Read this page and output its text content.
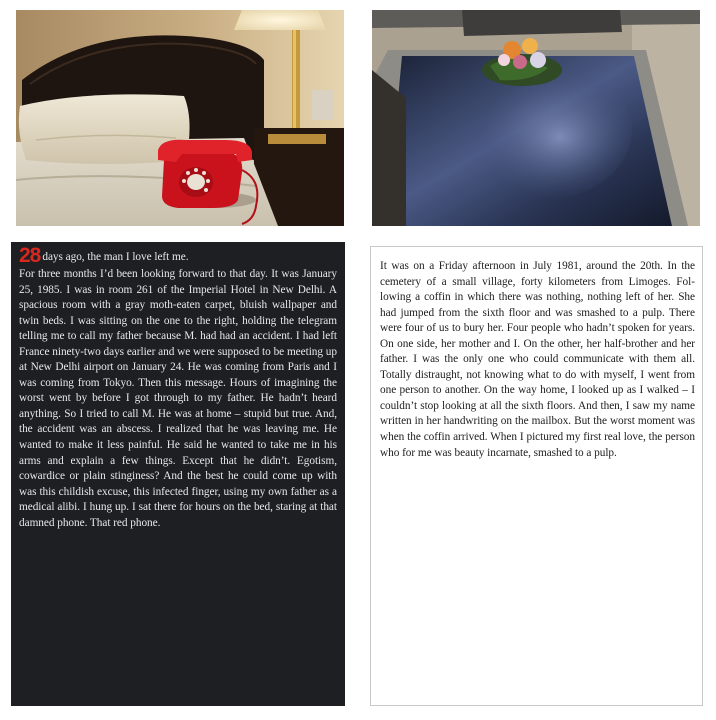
28 days ago, the man I love left me.
For three months I’d been looking forward to that day. It was January 25, 1985. I was in room 261 of the Imperial Hotel in New Delhi. A spacious room with a gray moth-eaten carpet, bluish wallpaper and twin beds. I was sitting on the one to the right, holding the telegram telling me to call my father because M. had had an accident. I had left France ninety-two days earlier and we were supposed to be meeting up at New Delhi airport on January 24. He was coming from Paris and I was coming from Tokyo. Then this message. Hours of imagining the worst went by before I got through to my father. He hadn’t heard anything. So I tried to call M. He was at home – stupid but true. And, the accident was an abscess. I realized that he was leaving me. He wanted to make it less painful. He said he wanted to take me in his arms and explain a few things. Except that he didn’t. Egotism, cowardice or plain stinginess? And the best he could come up with was this childish excuse, this infected finger, using my own father as a medical alibi. I hung up. I sat there for hours on the bed, staring at that damned phone. That red phone.

It was on a Friday afternoon in July 1981, around the 20th. In the cemetery of a small village, forty kilometers from Limoges. Following a coffin in which there was nothing, nothing left of her. She had jumped from the sixth floor and was smashed to a pulp. There were four of us to bury her. Four people who hadn’t spoken for years. On one side, her mother and I. On the other, her half-brother and her father. I was the only one who could communicate with them all. Totally distraught, not knowing what to do with myself, I went from one person to another. On the way home, I looked up as I walked – I couldn’t stop looking at all the sixth floors. And then, I saw my name written in her handwriting on the mailbox. But the worst moment was when the coffin arrived. When I pictured my first real love, the person who for me was beauty incarnate, smashed to a pulp.
